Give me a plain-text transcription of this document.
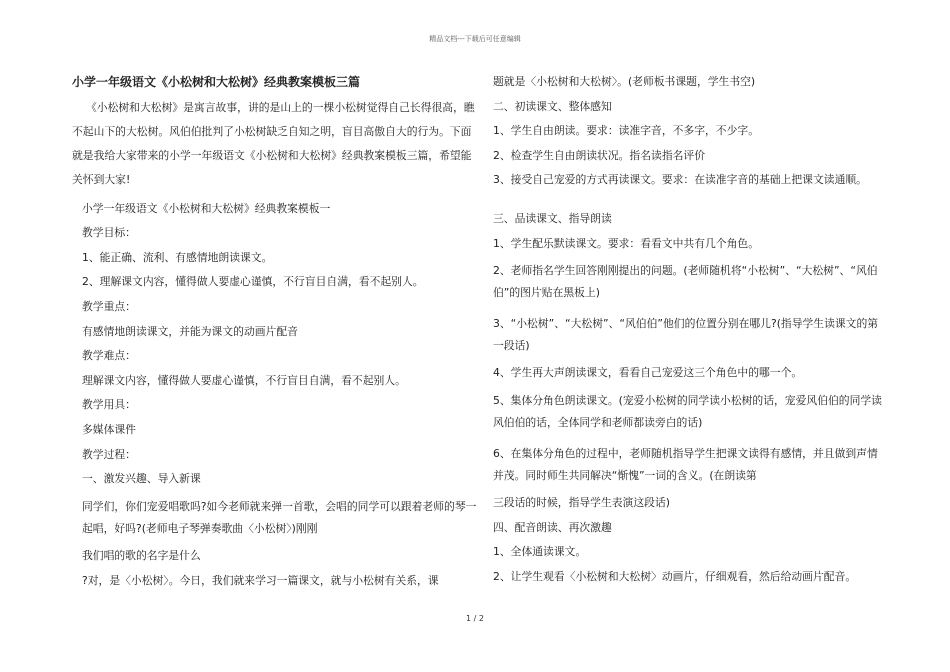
精品文档---下载后可任意编辑
小学一年级语文《小松树和大松树》经典教案模板三篇
《小松树和大松树》是寓言故事，讲的是山上的一棵小松树觉得自己长得很高，瞧不起山下的大松树。风伯伯批判了小松树缺乏自知之明，盲目高傲自大的行为。下面就是我给大家带来的小学一年级语文《小松树和大松树》经典教案模板三篇，希望能关怀到大家!
小学一年级语文《小松树和大松树》经典教案模板一
教学目标：
1、能正确、流利、有感情地朗读课文。
2、理解课文内容，懂得做人要虚心谨慎，不行盲目自满，看不起别人。
教学重点：
有感情地朗读课文，并能为课文的动画片配音
教学难点：
理解课文内容，懂得做人要虚心谨慎，不行盲目自满，看不起别人。
教学用具：
多媒体课件
教学过程：
一、激发兴趣、导入新课
同学们，你们宠爱唱歌吗?如今老师就来弹一首歌，会唱的同学可以跟着老师的琴一起唱，好吗?(老师电子琴弹奏歌曲〈小松树〉)刚刚
我们唱的歌的名字是什么
?对，是〈小松树〉。今日，我们就来学习一篇课文，就与小松树有关系，课
题就是〈小松树和大松树〉。(老师板书课题，学生书空)
二、初读课文、整体感知
1、学生自由朗读。要求：读准字音，不多字，不少字。
2、检查学生自由朗读状况。指名读指名评价
3、接受自己宠爱的方式再读课文。要求：在读准字音的基础上把课文读通顺。
三、品读课文、指导朗读
1、学生配乐默读课文。要求：看看文中共有几个角色。
2、老师指名学生回答刚刚提出的问题。(老师随机将“小松树”、“大松树”、“风伯伯”的图片贴在黑板上)
3、“小松树”、“大松树”、“风伯伯”他们的位置分别在哪儿?(指导学生读课文的第一段话)
4、学生再大声朗读课文，看看自己宠爱这三个角色中的哪一个。
5、集体分角色朗读课文。(宠爱小松树的同学读小松树的话，宠爱风伯伯的同学读风伯伯的话，全体同学和老师都读旁白的话)
6、在集体分角色的过程中，老师随机指导学生把课文读得有感情，并且做到声情并茂。同时师生共同解决“惭愧”一词的含义。(在朗读第
三段话的时候，指导学生表演这段话)
四、配音朗读、再次激趣
1、全体通读课文。
2、让学生观看〈小松树和大松树〉动画片，仔细观看，然后给动画片配音。
1 / 2
